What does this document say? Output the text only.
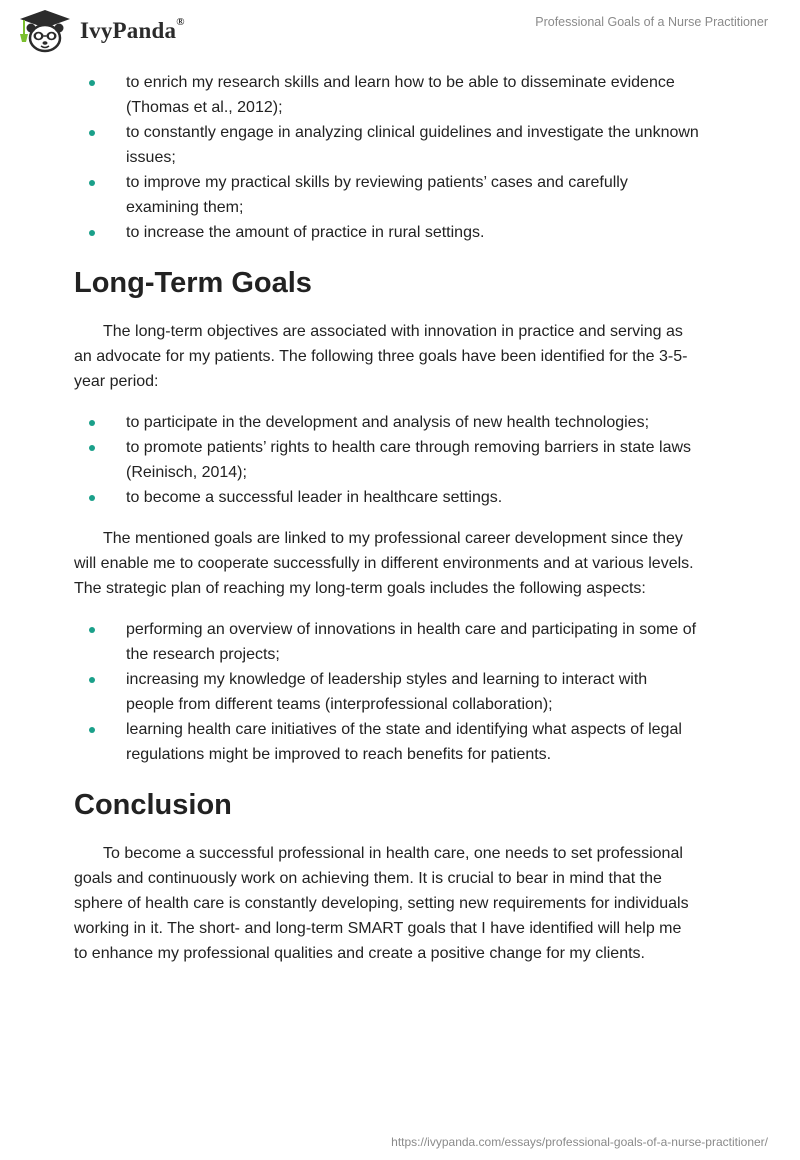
IvyPanda®	Professional Goals of a Nurse Practitioner
to enrich my research skills and learn how to be able to disseminate evidence
(Thomas et al., 2012);
to constantly engage in analyzing clinical guidelines and investigate the unknown
issues;
to improve my practical skills by reviewing patients’ cases and carefully
examining them;
to increase the amount of practice in rural settings.
Long-Term Goals

The long-term objectives are associated with innovation in practice and serving as
an advocate for my patients. The following three goals have been identified for the 3-5-
year period:

to participate in the development and analysis of new health technologies;
to promote patients’ rights to health care through removing barriers in state laws
(Reinisch, 2014);
to become a successful leader in healthcare settings.

The mentioned goals are linked to my professional career development since they
will enable me to cooperate successfully in different environments and at various levels.
The strategic plan of reaching my long-term goals includes the following aspects:

performing an overview of innovations in health care and participating in some of
the research projects;
increasing my knowledge of leadership styles and learning to interact with
people from different teams (interprofessional collaboration);
learning health care initiatives of the state and identifying what aspects of legal
regulations might be improved to reach benefits for patients.
Conclusion

To become a successful professional in health care, one needs to set professional
goals and continuously work on achieving them. It is crucial to bear in mind that the
sphere of health care is constantly developing, setting new requirements for individuals
working in it. The short- and long-term SMART goals that I have identified will help me
to enhance my professional qualities and create a positive change for my clients.

https://ivypanda.com/essays/professional-goals-of-a-nurse-practitioner/
